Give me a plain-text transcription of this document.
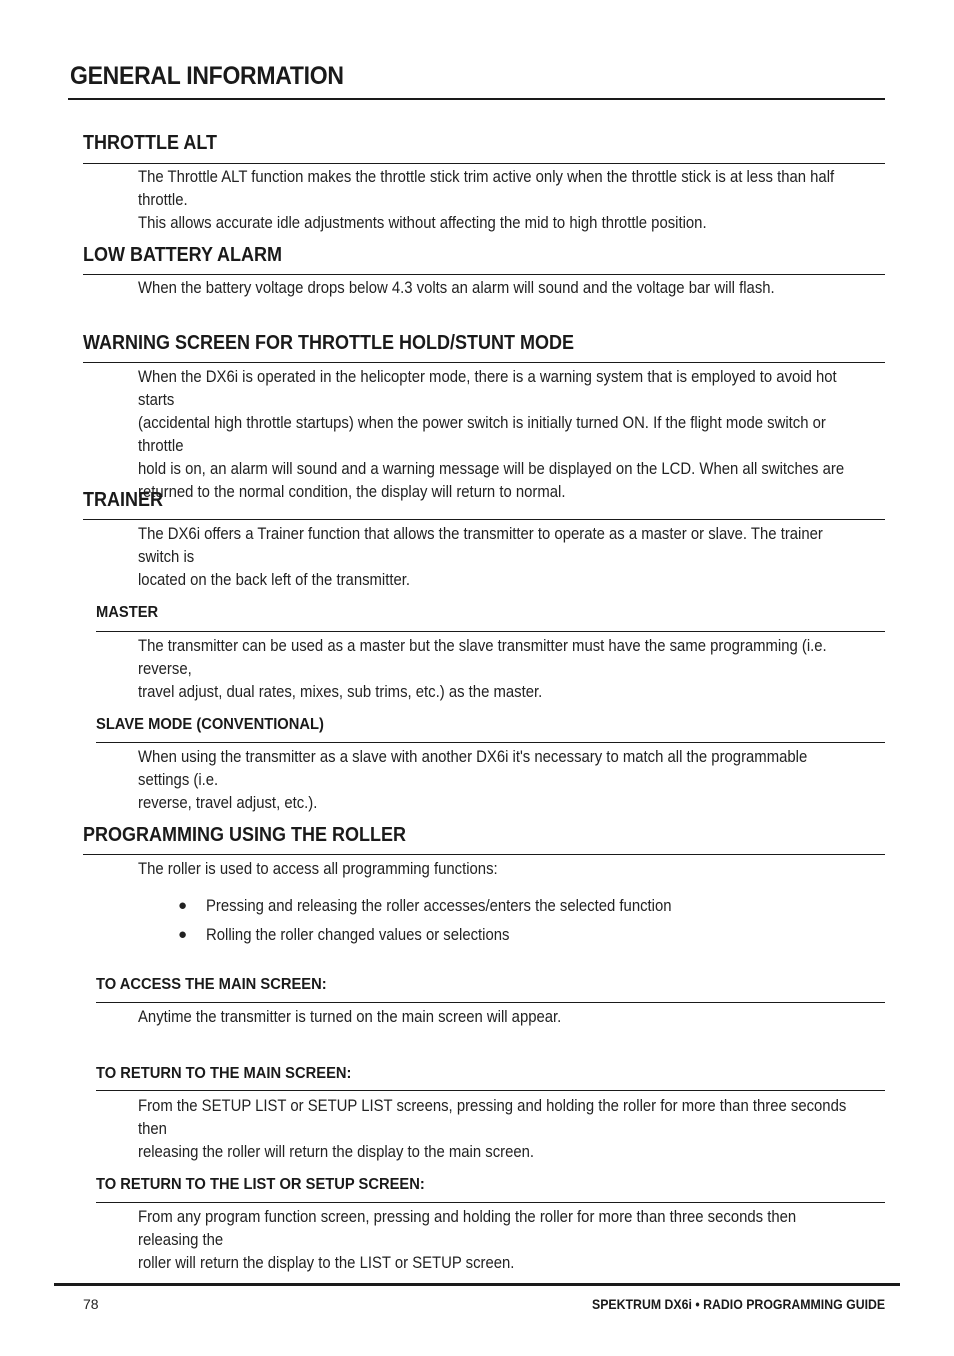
GENERAL INFORMATION
THROTTLE ALT
The Throttle ALT function makes the throttle stick trim active only when the throttle stick is at less than half throttle.
This allows accurate idle adjustments without affecting the mid to high throttle position.
LOW BATTERY ALARM
When the battery voltage drops below 4.3 volts an alarm will sound and the voltage bar will flash.
WARNING SCREEN FOR THROTTLE HOLD/STUNT MODE
When the DX6i is operated in the helicopter mode, there is a warning system that is employed to avoid hot starts
(accidental high throttle startups) when the power switch is initially turned ON. If the flight mode switch or throttle
hold is on, an alarm will sound and a warning message will be displayed on the LCD. When all switches are
returned to the normal condition, the display will return to normal.
TRAINER
The DX6i offers a Trainer function that allows the transmitter to operate as a master or slave. The trainer switch is
located on the back left of the transmitter.
MASTER
The transmitter can be used as a master but the slave transmitter must have the same programming (i.e. reverse,
travel adjust, dual rates, mixes, sub trims, etc.) as the master.
SLAVE MODE (CONVENTIONAL)
When using the transmitter as a slave with another DX6i it's necessary to match all the programmable settings (i.e.
reverse, travel adjust, etc.).
PROGRAMMING USING THE ROLLER
The roller is used to access all programming functions:
● Pressing and releasing the roller accesses/enters the selected function
● Rolling the roller changed values or selections
TO ACCESS THE MAIN SCREEN:
Anytime the transmitter is turned on the main screen will appear.
TO RETURN TO THE MAIN SCREEN:
From the SETUP LIST or SETUP LIST screens, pressing and holding the roller for more than three seconds then
releasing the roller will return the display to the main screen.
TO RETURN TO THE LIST OR SETUP SCREEN:
From any program function screen, pressing and holding the roller for more than three seconds then releasing the
roller will return the display to the LIST or SETUP screen.
78	SPEKTRUM DX6i • RADIO PROGRAMMING GUIDE
